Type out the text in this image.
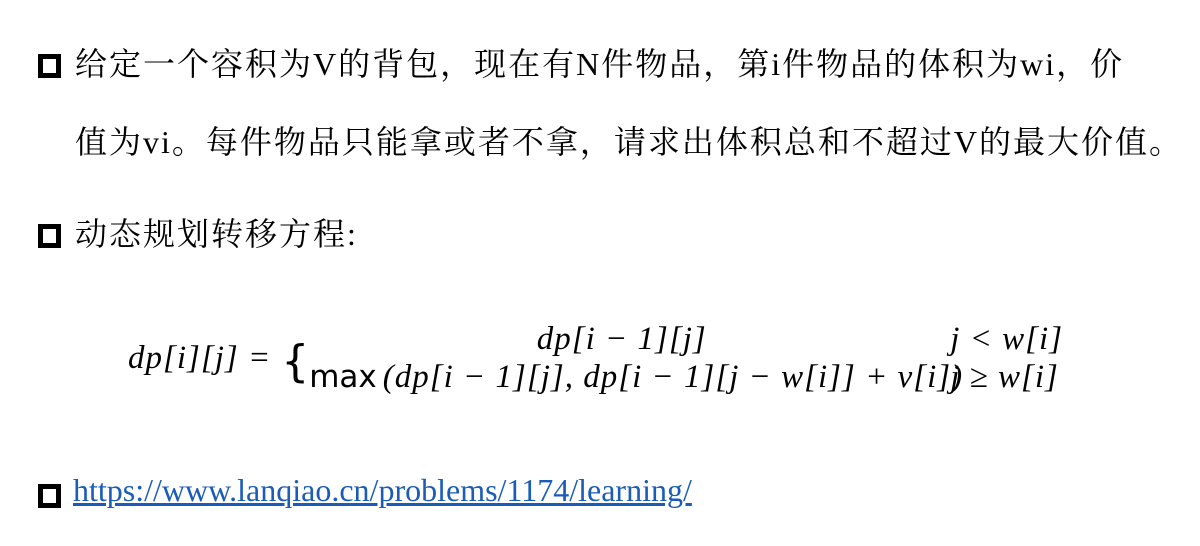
给定一个容积为V的背包，现在有N件物品，第i件物品的体积为wi，价
值为vi。每件物品只能拿或者不拿，请求出体积总和不超过V的最大价值。
动态规划转移方程:
dp[i][j] = {	dp[i − 1][j]	j < w[i]
max (dp[i − 1][j], dp[i − 1][j − w[i]] + v[i])
j ≥ w[i]
https://www.lanqiao.cn/problems/1174/learning/
